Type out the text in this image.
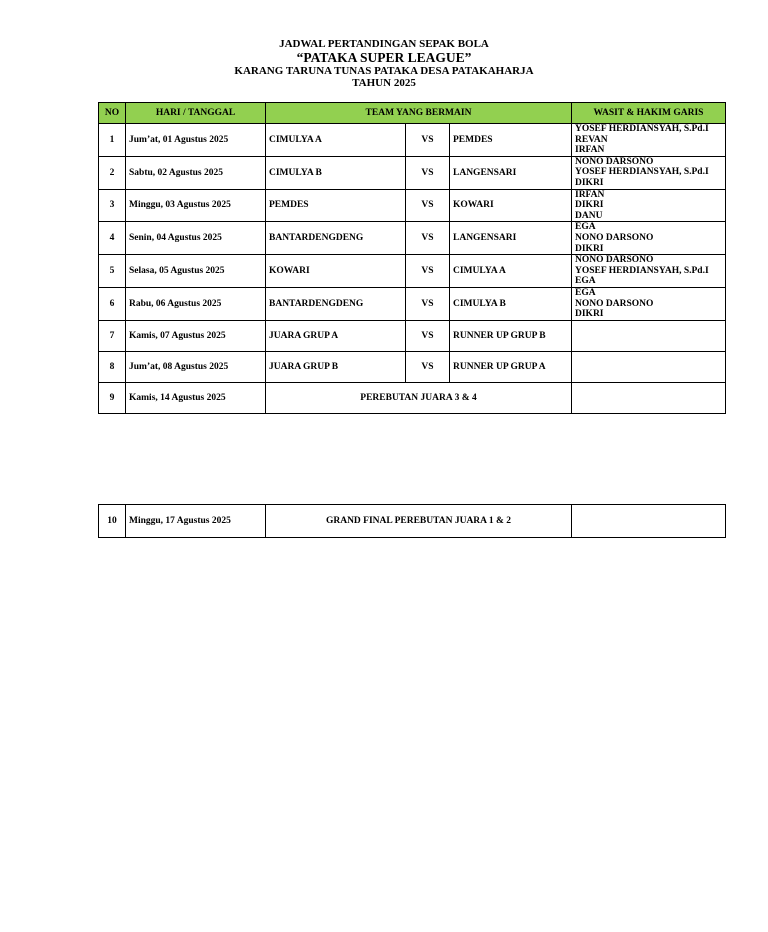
JADWAL PERTANDINGAN SEPAK BOLA
“PATAKA SUPER LEAGUE”
KARANG TARUNA TUNAS PATAKA DESA PATAKAHARJA
TAHUN 2025
NO	HARI / TANGGAL	TEAM YANG BERMAIN			WASIT & HAKIM GARIS
1	Jum’at, 01 Agustus 2025	CIMULYA A	VS	PEMDES	YOSEF HERDIANSYAH, S.Pd.I
REVAN
IRFAN

2	Sabtu, 02 Agustus 2025	CIMULYA B	VS	LANGENSARI	NONO DARSONO
YOSEF HERDIANSYAH, S.Pd.I
DIKRI

3	Minggu, 03 Agustus 2025	PEMDES	VS	KOWARI	IRFAN
DIKRI
DANU

4	Senin, 04 Agustus 2025	BANTARDENGDENG	VS	LANGENSARI	EGA
NONO DARSONO
DIKRI

5	Selasa, 05 Agustus 2025	KOWARI	VS	CIMULYA A	NONO DARSONO
YOSEF HERDIANSYAH, S.Pd.I
EGA

6	Rabu, 06 Agustus 2025	BANTARDENGDENG	VS	CIMULYA B	EGA
NONO DARSONO
DIKRI

7	Kamis, 07 Agustus 2025	JUARA GRUP A	VS	RUNNER UP GRUP B	
8	Jum’at, 08 Agustus 2025	JUARA GRUP B	VS	RUNNER UP GRUP A	
9	Kamis, 14 Agustus 2025	PEREBUTAN JUARA 3 & 4			
10	Minggu, 17 Agustus 2025	GRAND FINAL PEREBUTAN JUARA 1 & 2	
